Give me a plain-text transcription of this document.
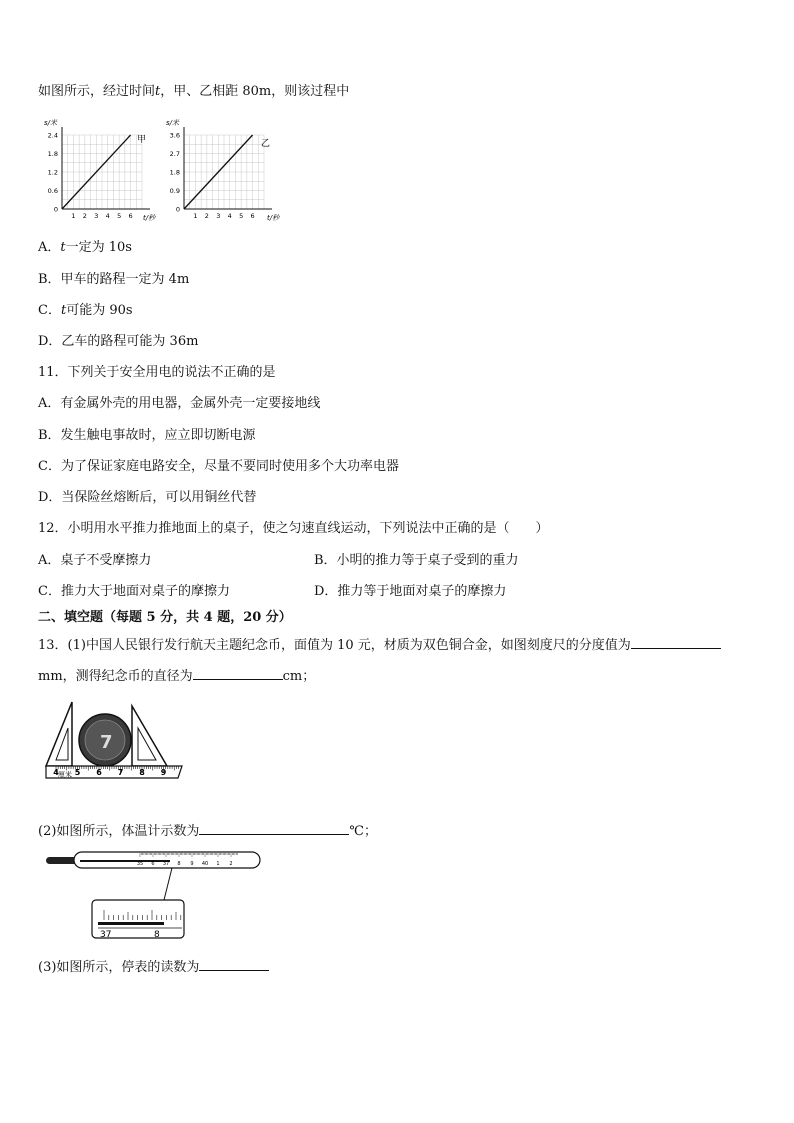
如图所示，经过时间t，甲、乙相距 80m，则该过程中
s/米
甲
t/秒
0
0.6
1.2
1.8
2.4
1 2 3 4 5 6
s/米
乙
t/秒
0
0.9
1.8
2.7
3.6
1 2 3 4 5 6
A．t一定为 10s
B．甲车的路程一定为 4m
C．t可能为 90s
D．乙车的路程可能为 36m
11．下列关于安全用电的说法不正确的是
A．有金属外壳的用电器，金属外壳一定要接地线
B．发生触电事故时，应立即切断电源
C．为了保证家庭电路安全，尽量不要同时使用多个大功率电器
D．当保险丝熔断后，可以用铜丝代替
12．小明用水平推力推地面上的桌子，使之匀速直线运动，下列说法中正确的是（　　）
A．桌子不受摩擦力	B．小明的推力等于桌子受到的重力
C．推力大于地面对桌子的摩擦力	D．推力等于地面对桌子的摩擦力
二、填空题（每题 5 分，共 4 题，20 分）
13．(1)中国人民银行发行航天主题纪念币，面值为 10 元，材质为双色铜合金，如图刻度尺的分度值为
mm，测得纪念币的直径为	cm；
7
4 5 6 7 8 9
厘米
(2)如图所示，体温计示数为	℃；
35 6 37 8 9 40 1 2
37	8
(3)如图所示，停表的读数为
